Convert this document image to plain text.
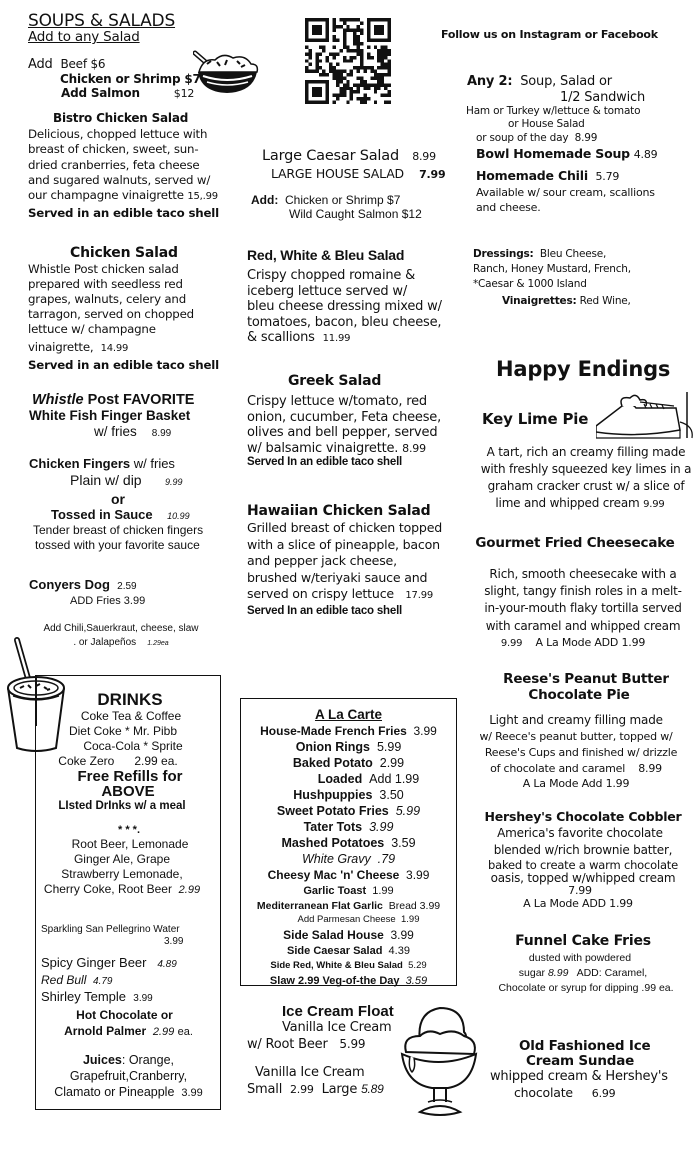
SOUPS & SALADS
Add to any Salad
Add Beef $6
Chicken or Shrimp $7
Add Salmon	$12
Bistro Chicken Salad
Delicious, chopped lettuce with
breast of chicken, sweet, sun-
dried cranberries, feta cheese
and sugared walnuts, served w/
our champagne vinaigrette 15,.99
Served in an edible taco shell
Chicken Salad
Whistle Post chicken salad
prepared with seedless red
grapes, walnuts, celery and
tarragon, served on chopped
lettuce w/ champagne
vinaigrette, 14.99
Served in an edible taco shell
Whistle Post FAVORITE
White Fish Finger Basket
w/ fries 8.99
Chicken Fingers w/ fries
Plain w/ dip	9.99
or
Tossed in Sauce 10.99
Tender breast of chicken fingers
tossed with your favorite sauce
Conyers Dog 2.59
ADD Fries 3.99
Add Chili,Sauerkraut, cheese, slaw
. or Jalapeños 1.29ea
DRINKS
Coke Tea & Coffee
Diet Coke * Mr. Pibb
Coca-Cola * Sprite
Coke Zero 2.99 ea.
Free Refills for
ABOVE
LIsted DrInks w/ a meal
* * *.
Root Beer, Lemonade
Ginger Ale, Grape
Strawberry Lemonade,
Cherry Coke, Root Beer 2.99
Sparkling San Pellegrino Water
3.99
Spicy Ginger Beer 4.89
Red Bull 4.79
Shirley Temple 3.99
Hot Chocolate or
Arnold Palmer 2.99 ea.
Juices: Orange,
Grapefruit,Cranberry,
Clamato or Pineapple 3.99
Large Caesar Salad 8.99
LARGE HOUSE SALAD 7.99
Add: Chicken or Shrimp $7
Wild Caught Salmon $12
Red, White & Bleu Salad
Crispy chopped romaine &
iceberg lettuce served w/
bleu cheese dressing mixed w/
tomatoes, bacon, bleu cheese,
& scallions 11.99
Greek Salad
Crispy lettuce w/tomato, red
onion, cucumber, Feta cheese,
olives and bell pepper, served
w/ balsamic vinaigrette. 8.99
Served In an edible taco shell
Hawaiian Chicken Salad
Grilled breast of chicken topped
with a slice of pineapple, bacon
and pepper jack cheese,
brushed w/teriyaki sauce and
served on crispy lettuce 17.99
Served In an edible taco shell
A La Carte
House-Made French Fries 3.99
Onion Rings 5.99
Baked Potato 2.99
Loaded Add 1.99
Hushpuppies 3.50
Sweet Potato Fries 5.99
Tater Tots 3.99
Mashed Potatoes 3.59
White Gravy .79
Cheesy Mac 'n' Cheese 3.99
Garlic Toast 1.99
Mediterranean Flat Garlic Bread 3.99
Add Parmesan Cheese 1.99
Side Salad House 3.99
Side Caesar Salad 4.39
Side Red, White & Bleu Salad 5.29
Slaw 2.99 Veg-of-the Day 3.59
Ice Cream Float
Vanilla Ice Cream
w/ Root Beer 5.99
Vanilla Ice Cream
Small 2.99 Large 5.89
Follow us on Instagram or Facebook
Any 2: Soup, Salad or
1/2 Sandwich
Ham or Turkey w/lettuce & tomato
or House Salad
or soup of the day 8.99
Bowl Homemade Soup 4.89
Homemade Chili 5.79
Available w/ sour cream, scallions
and cheese.
Dressings: Bleu Cheese,
Ranch, Honey Mustard, French,
*Caesar & 1000 Island
Vinaigrettes: Red Wine,
Happy Endings
Key Lime Pie
A tart, rich an creamy filling made
with freshly squeezed key limes in a
graham cracker crust w/ a slice of
lime and whipped cream 9.99
Gourmet Fried Cheesecake
Rich, smooth cheesecake with a
slight, tangy finish roles in a melt-
in-your-mouth flaky tortilla served
with caramel and whipped cream
9.99 A La Mode ADD 1.99
Reese's Peanut Butter
Chocolate Pie
Light and creamy filling made
w/ Reece's peanut butter, topped w/
Reese's Cups and finished w/ drizzle
of chocolate and caramel 8.99
A La Mode Add 1.99
Hershey's Chocolate Cobbler
America's favorite chocolate
blended w/rich brownie batter,
baked to create a warm chocolate
oasis, topped w/whipped cream
7.99
A La Mode ADD 1.99
Funnel Cake Fries
dusted with powdered
sugar 8.99 ADD: Caramel,
Chocolate or syrup for dipping .99 ea.
Old Fashioned Ice
Cream Sundae
whipped cream & Hershey's
chocolate 6.99
